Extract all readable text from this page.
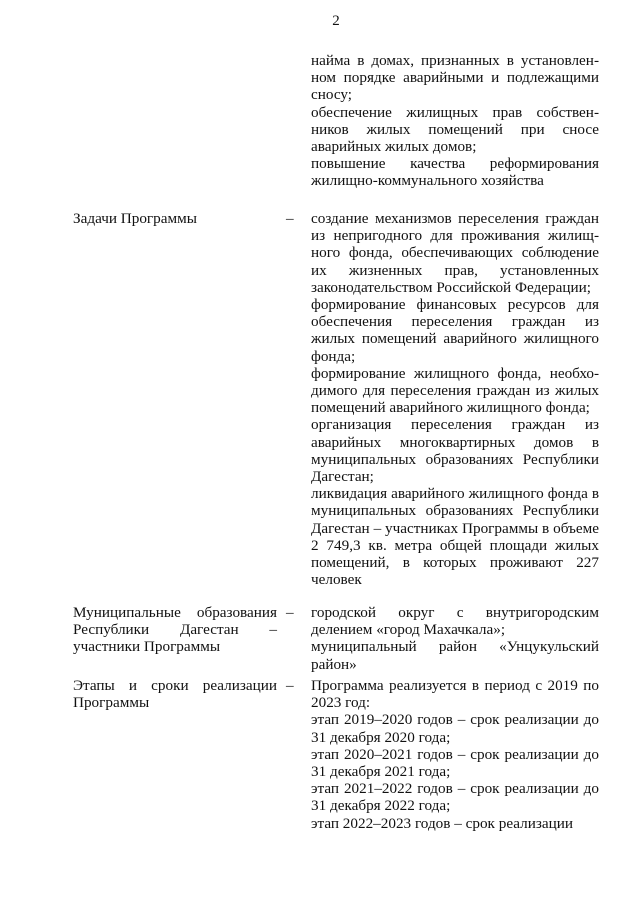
2

найма в домах, признанных в установленном порядке аварийными и подлежащими сносу;

обеспечение жилищных прав собственников жилых помещений при сносе аварийных жилых домов;

повышение качества реформирования жилищно-коммунального хозяйства

Задачи Программы	– создание механизмов переселения граждан из непригодного для проживания жилищного фонда, обеспечивающих соблюдение их жизненных прав, установленных законодательством Российской Федерации;

формирование финансовых ресурсов для обеспечения переселения граждан из жилых помещений аварийного жилищного фонда;

формирование жилищного фонда, необходимого для переселения граждан из жилых помещений аварийного жилищного фонда;

организация переселения граждан из аварийных многоквартирных домов в муниципальных образованиях Республики Дагестан;

ликвидация аварийного жилищного фонда в муниципальных образованиях Республики Дагестан – участниках Программы в объеме 2 749,3 кв. метра общей площади жилых помещений, в которых проживают 227 человек

Муниципальные образования Республики Дагестан – участники Программы
– городской округ с внутригородским делением «город Махачкала»;

муниципальный район «Унцукульский район»

Этапы и сроки реализации Программы
– Программа реализуется в период с 2019 по 2023 год:

этап 2019–2020 годов – срок реализации до 31 декабря 2020 года;

этап 2020–2021 годов – срок реализации до 31 декабря 2021 года;

этап 2021–2022 годов – срок реализации до 31 декабря 2022 года;

этап 2022–2023 годов – срок реализации
